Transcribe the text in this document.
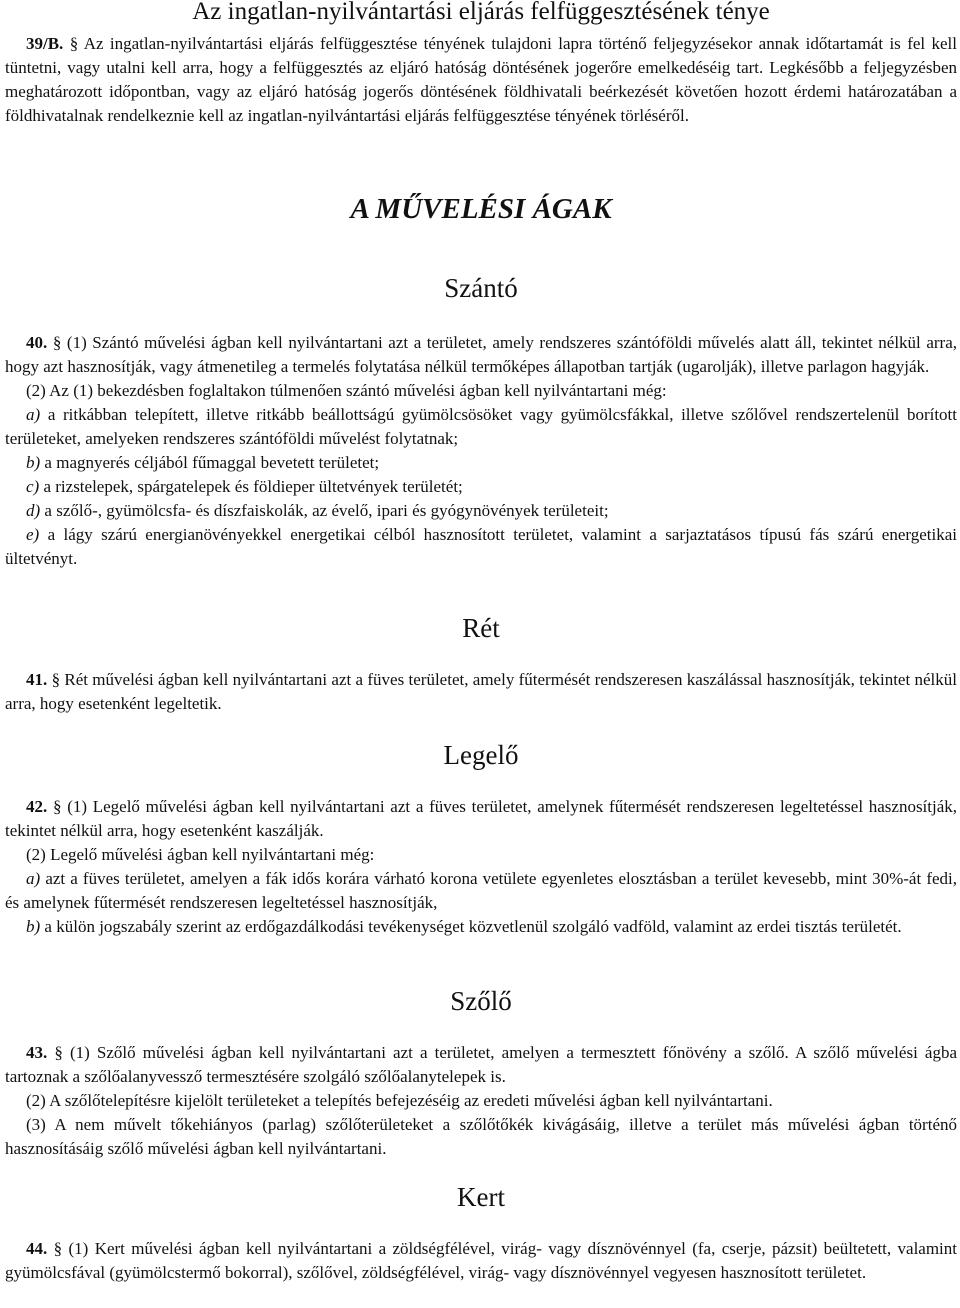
Az ingatlan-nyilvántartási eljárás felfüggesztésének ténye

39/B. § Az ingatlan-nyilvántartási eljárás felfüggesztése tényének tulajdoni lapra történő feljegyzésekor annak időtartamát is fel kell tüntetni, vagy utalni kell arra, hogy a felfüggesztés az eljáró hatóság döntésének jogerőre emelkedéséig tart. Legkésőbb a feljegyzésben meghatározott időpontban, vagy az eljáró hatóság jogerős döntésének földhivatali beérkezését követően hozott érdemi határozatában a földhivatalnak rendelkeznie kell az ingatlan-nyilvántartási eljárás felfüggesztése tényének törléséről.

A MŰVELÉSI ÁGAK
Szántó

40. § (1) Szántó művelési ágban kell nyilvántartani azt a területet, amely rendszeres szántóföldi művelés alatt áll, tekintet nélkül arra, hogy azt hasznosítják, vagy átmenetileg a termelés folytatása nélkül termőképes állapotban tartják (ugarolják), illetve parlagon hagyják.

(2) Az (1) bekezdésben foglaltakon túlmenően szántó művelési ágban kell nyilvántartani még:

a) a ritkábban telepített, illetve ritkább beállottságú gyümölcsösöket vagy gyümölcsfákkal, illetve szőlővel rendszertelenül borított területeket, amelyeken rendszeres szántóföldi művelést folytatnak;

b) a magnyerés céljából fűmaggal bevetett területet;

c) a rizstelepek, spárgatelepek és földieper ültetvények területét;

d) a szőlő-, gyümölcsfa- és díszfaiskolák, az évelő, ipari és gyógynövények területeit;

e) a lágy szárú energianövényekkel energetikai célból hasznosított területet, valamint a sarjaztatásos típusú fás szárú energetikai ültetvényt.

Rét

41. § Rét művelési ágban kell nyilvántartani azt a füves területet, amely fűtermését rendszeresen kaszálással hasznosítják, tekintet nélkül arra, hogy esetenként legeltetik.

Legelő

42. § (1) Legelő művelési ágban kell nyilvántartani azt a füves területet, amelynek fűtermését rendszeresen legeltetéssel hasznosítják, tekintet nélkül arra, hogy esetenként kaszálják.

(2) Legelő művelési ágban kell nyilvántartani még:

a) azt a füves területet, amelyen a fák idős korára várható korona vetülete egyenletes elosztásban a terület kevesebb, mint 30%-át fedi, és amelynek fűtermését rendszeresen legeltetéssel hasznosítják,

b) a külön jogszabály szerint az erdőgazdálkodási tevékenységet közvetlenül szolgáló vadföld, valamint az erdei tisztás területét.

Szőlő

43. § (1) Szőlő művelési ágban kell nyilvántartani azt a területet, amelyen a termesztett főnövény a szőlő. A szőlő művelési ágba tartoznak a szőlőalanyvessző termesztésére szolgáló szőlőalanytelepek is.

(2) A szőlőtelepítésre kijelölt területeket a telepítés befejezéséig az eredeti művelési ágban kell nyilvántartani.

(3) A nem művelt tőkehiányos (parlag) szőlőterületeket a szőlőtőkék kivágásáig, illetve a terület más művelési ágban történő hasznosításáig szőlő művelési ágban kell nyilvántartani.

Kert

44. § (1) Kert művelési ágban kell nyilvántartani a zöldségfélével, virág- vagy dísznövénnyel (fa, cserje, pázsit) beültetett, valamint gyümölcsfával (gyümölcstermő bokorral), szőlővel, zöldségfélével, virág- vagy dísznövénnyel vegyesen hasznosított területet.
